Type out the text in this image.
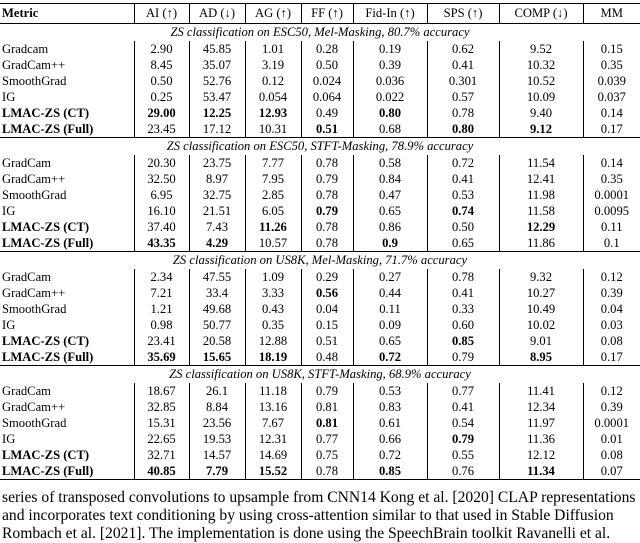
Metric	AI (↑)	AD (↓)	AG (↑)	FF (↑)	Fid-In (↑)	SPS (↑)	COMP (↓)	MM
ZS classification on ESC50, Mel-Masking, 80.7% accuracy								
Gradcam	2.90	45.85	1.01	0.28	0.19	0.62	9.52	0.15
GradCam++	8.45	35.07	3.19	0.50	0.39	0.41	10.32	0.35
SmoothGrad	0.50	52.76	0.12	0.024	0.036	0.301	10.52	0.039
IG	0.25	53.47	0.054	0.064	0.022	0.57	10.09	0.037
LMAC-ZS (CT)	29.00	12.25	12.93	0.49	0.80	0.78	9.40	0.14
LMAC-ZS (Full)	23.45	17.12	10.31	0.51	0.68	0.80	9.12	0.17
ZS classification on ESC50, STFT-Masking, 78.9% accuracy								
GradCam	20.30	23.75	7.77	0.78	0.58	0.72	11.54	0.14
GradCam++	32.50	8.97	7.95	0.79	0.84	0.41	12.41	0.35
SmoothGrad	6.95	32.75	2.85	0.78	0.47	0.53	11.98	0.0001
IG	16.10	21.51	6.05	0.79	0.65	0.74	11.58	0.0095
LMAC-ZS (CT)	37.40	7.43	11.26	0.78	0.86	0.50	12.29	0.11
LMAC-ZS (Full)	43.35	4.29	10.57	0.78	0.9	0.65	11.86	0.1
ZS classification on US8K, Mel-Masking, 71.7% accuracy								
GradCam	2.34	47.55	1.09	0.29	0.27	0.78	9.32	0.12
GradCam++	7.21	33.4	3.33	0.56	0.44	0.41	10.27	0.39
SmoothGrad	1.21	49.68	0.43	0.04	0.11	0.33	10.49	0.04
IG	0.98	50.77	0.35	0.15	0.09	0.60	10.02	0.03
LMAC-ZS (CT)	23.41	20.58	12.88	0.51	0.65	0.85	9.01	0.08
LMAC-ZS (Full)	35.69	15.65	18.19	0.48	0.72	0.79	8.95	0.17
ZS classification on US8K, STFT-Masking, 68.9% accuracy								
GradCam	18.67	26.1	11.18	0.79	0.53	0.77	11.41	0.12
GradCam++	32.85	8.84	13.16	0.81	0.83	0.41	12.34	0.39
SmoothGrad	15.31	23.56	7.67	0.81	0.61	0.54	11.97	0.0001
IG	22.65	19.53	12.31	0.77	0.66	0.79	11.36	0.01
LMAC-ZS (CT)	32.71	14.57	14.69	0.75	0.72	0.55	12.12	0.08
LMAC-ZS (Full)	40.85	7.79	15.52	0.78	0.85	0.76	11.34	0.07
series of transposed convolutions to upsample from CNN14 Kong et al. [2020] CLAP representations
and incorporates text conditioning by using cross-attention similar to that used in Stable Diffusion
Rombach et al. [2021]. The implementation is done using the SpeechBrain toolkit Ravanelli et al.
